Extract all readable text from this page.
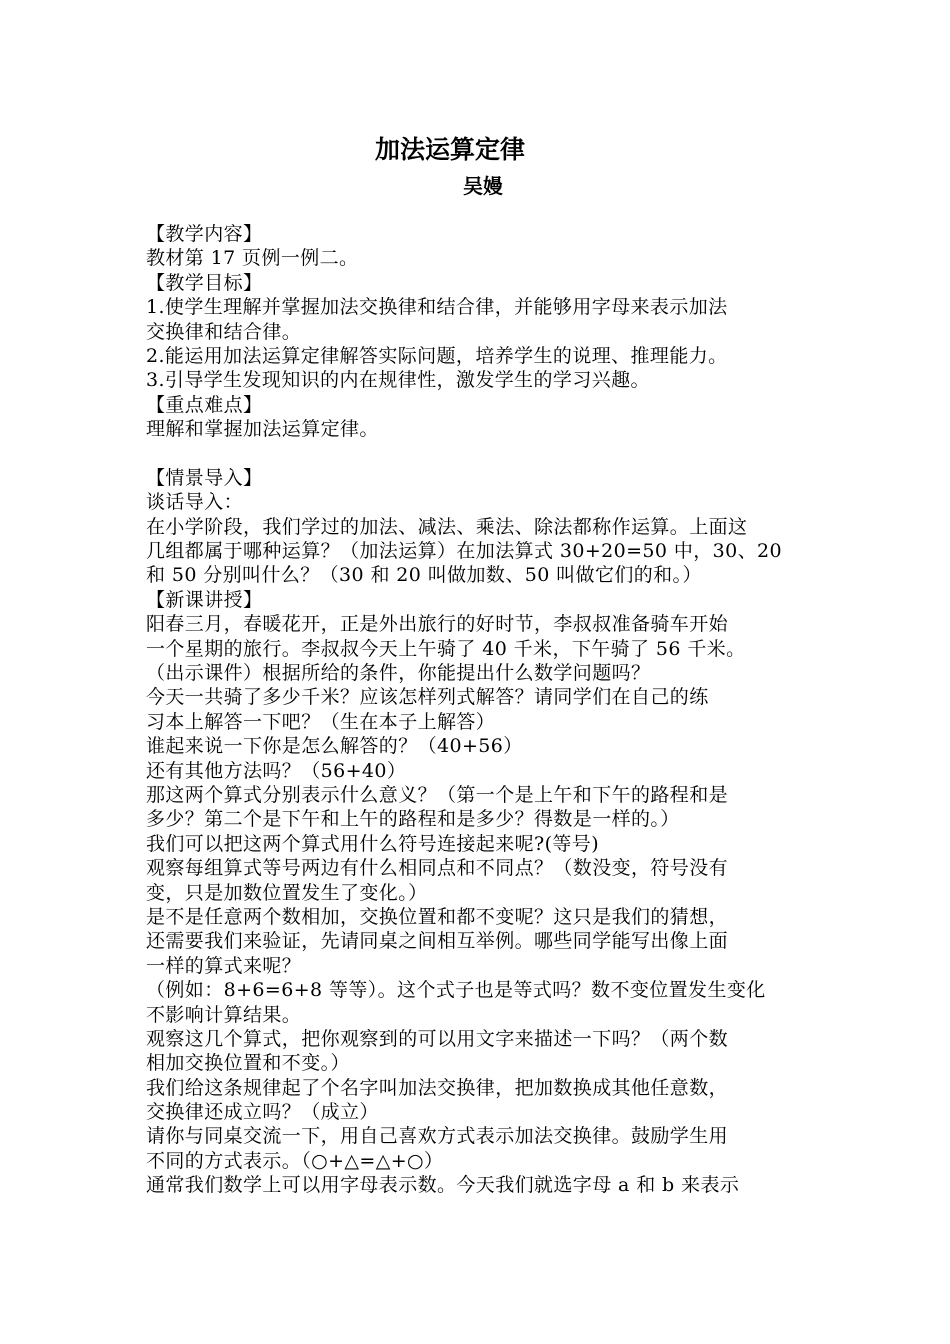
加法运算定律
吴嫚
【教学内容】
教材第 17 页例一例二。
【教学目标】
1.使学生理解并掌握加法交换律和结合律，并能够用字母来表示加法
交换律和结合律。
2.能运用加法运算定律解答实际问题，培养学生的说理、推理能力。
3.引导学生发现知识的内在规律性，激发学生的学习兴趣。
【重点难点】
理解和掌握加法运算定律。
【情景导入】
谈话导入：
在小学阶段，我们学过的加法、减法、乘法、除法都称作运算。上面这
几组都属于哪种运算？（加法运算）在加法算式 30+20=50 中，30、20
和 50 分别叫什么？（30 和 20 叫做加数、50 叫做它们的和。）
【新课讲授】
阳春三月，春暖花开，正是外出旅行的好时节，李叔叔准备骑车开始
一个星期的旅行。李叔叔今天上午骑了 40 千米，下午骑了 56 千米。
（出示课件）根据所给的条件，你能提出什么数学问题吗？
今天一共骑了多少千米？应该怎样列式解答？请同学们在自己的练
习本上解答一下吧？（生在本子上解答）
谁起来说一下你是怎么解答的？（40+56）
还有其他方法吗？（56+40）
那这两个算式分别表示什么意义？（第一个是上午和下午的路程和是
多少？第二个是下午和上午的路程和是多少？得数是一样的。）
我们可以把这两个算式用什么符号连接起来呢?(等号)
观察每组算式等号两边有什么相同点和不同点？（数没变，符号没有
变，只是加数位置发生了变化。）
是不是任意两个数相加，交换位置和都不变呢？这只是我们的猜想，
还需要我们来验证，先请同桌之间相互举例。哪些同学能写出像上面
一样的算式来呢？
（例如：8+6=6+8 等等）。这个式子也是等式吗？数不变位置发生变化
不影响计算结果。
观察这几个算式，把你观察到的可以用文字来描述一下吗？（两个数
相加交换位置和不变。）
我们给这条规律起了个名字叫加法交换律，把加数换成其他任意数，
交换律还成立吗？（成立）
请你与同桌交流一下，用自己喜欢方式表示加法交换律。鼓励学生用
不同的方式表示。（○+△=△+○）
通常我们数学上可以用字母表示数。今天我们就选字母 a 和 b 来表示
